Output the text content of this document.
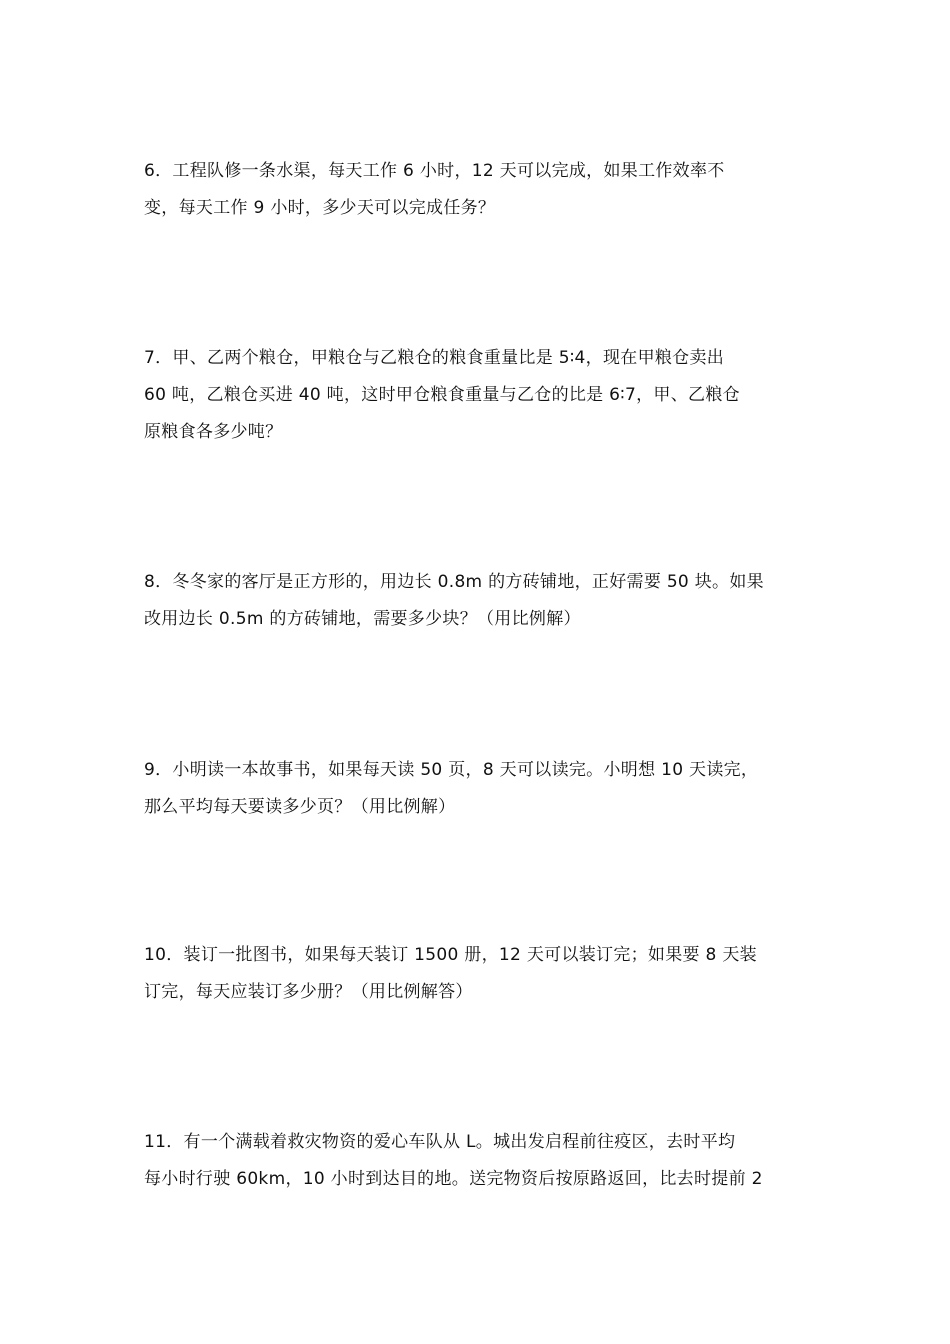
6．工程队修一条水渠，每天工作 6 小时，12 天可以完成，如果工作效率不
变，每天工作 9 小时，多少天可以完成任务？
7．甲、乙两个粮仓，甲粮仓与乙粮仓的粮食重量比是 5∶4，现在甲粮仓卖出
60 吨，乙粮仓买进 40 吨，这时甲仓粮食重量与乙仓的比是 6∶7，甲、乙粮仓
原粮食各多少吨？
8．冬冬家的客厅是正方形的，用边长 0.8m 的方砖铺地，正好需要 50 块。如果
改用边长 0.5m 的方砖铺地，需要多少块？（用比例解）
9．小明读一本故事书，如果每天读 50 页，8 天可以读完。小明想 10 天读完，
那么平均每天要读多少页？（用比例解）
10．装订一批图书，如果每天装订 1500 册，12 天可以装订完；如果要 8 天装
订完，每天应装订多少册？（用比例解答）
11．有一个满载着救灾物资的爱心车队从 L。城出发启程前往疫区，去时平均
每小时行驶 60km，10 小时到达目的地。送完物资后按原路返回，比去时提前 2
